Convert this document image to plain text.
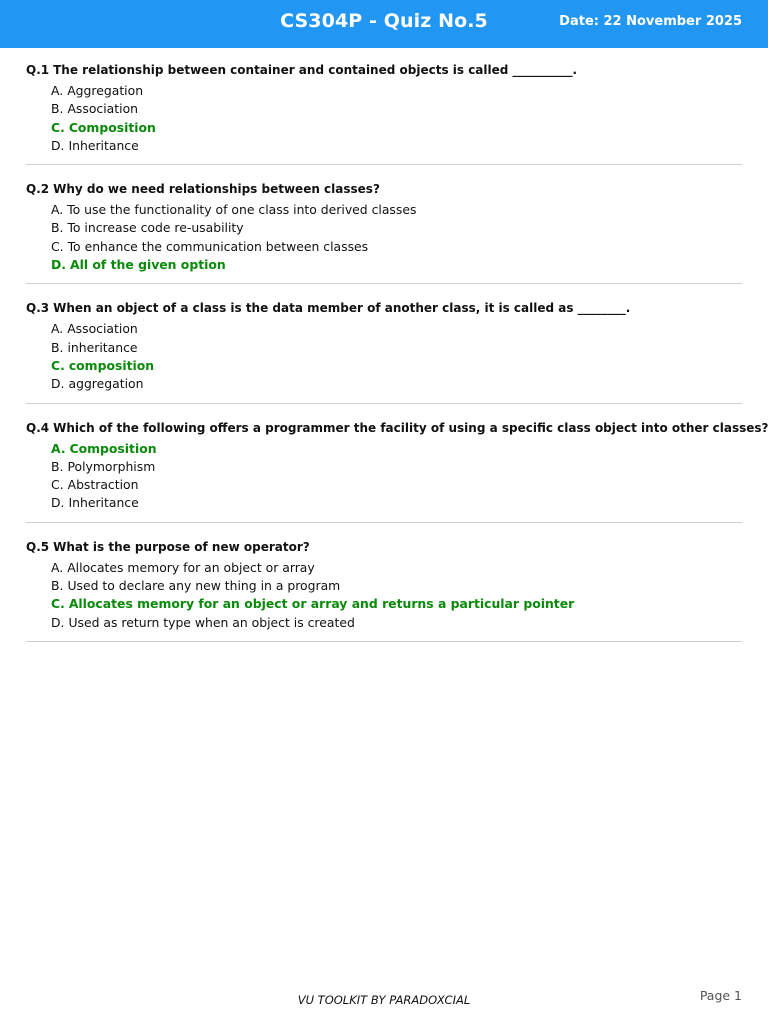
CS304P - Quiz No.5	Date: 22 November 2025
Q.1 The relationship between container and contained objects is called __________.
A. Aggregation
B. Association
C. Composition
D. Inheritance
Q.2 Why do we need relationships between classes?
A. To use the functionality of one class into derived classes
B. To increase code re-usability
C. To enhance the communication between classes
D. All of the given option
Q.3 When an object of a class is the data member of another class, it is called as ________.
A. Association
B. inheritance
C. composition
D. aggregation
Q.4 Which of the following offers a programmer the facility of using a specific class object into other classes?
A. Composition
B. Polymorphism
C. Abstraction
D. Inheritance
Q.5 What is the purpose of new operator?
A. Allocates memory for an object or array
B. Used to declare any new thing in a program
C. Allocates memory for an object or array and returns a particular pointer
D. Used as return type when an object is created
VU TOOLKIT BY PARADOXCIAL	Page 1
